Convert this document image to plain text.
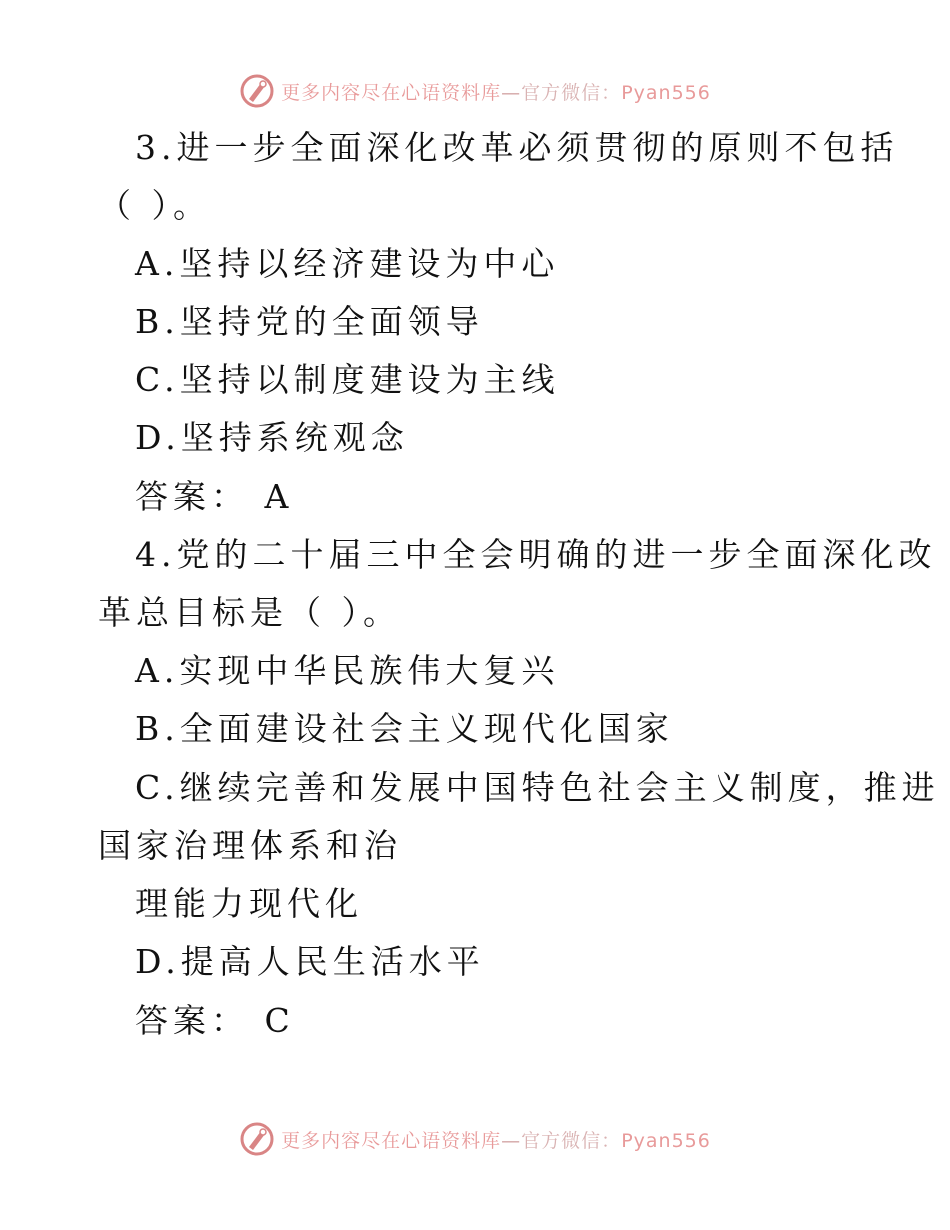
更多内容尽在心语资料库—官方微信：Pyan556
3.进一步全面深化改革必须贯彻的原则不包括
（ ）。
A.坚持以经济建设为中心
B.坚持党的全面领导
C.坚持以制度建设为主线
D.坚持系统观念
答案： A
4.党的二十届三中全会明确的进一步全面深化改
革总目标是（ ）。
A.实现中华民族伟大复兴
B.全面建设社会主义现代化国家
C.继续完善和发展中国特色社会主义制度，推进
国家治理体系和治
理能力现代化
D.提高人民生活水平
答案： C
更多内容尽在心语资料库—官方微信：Pyan556
